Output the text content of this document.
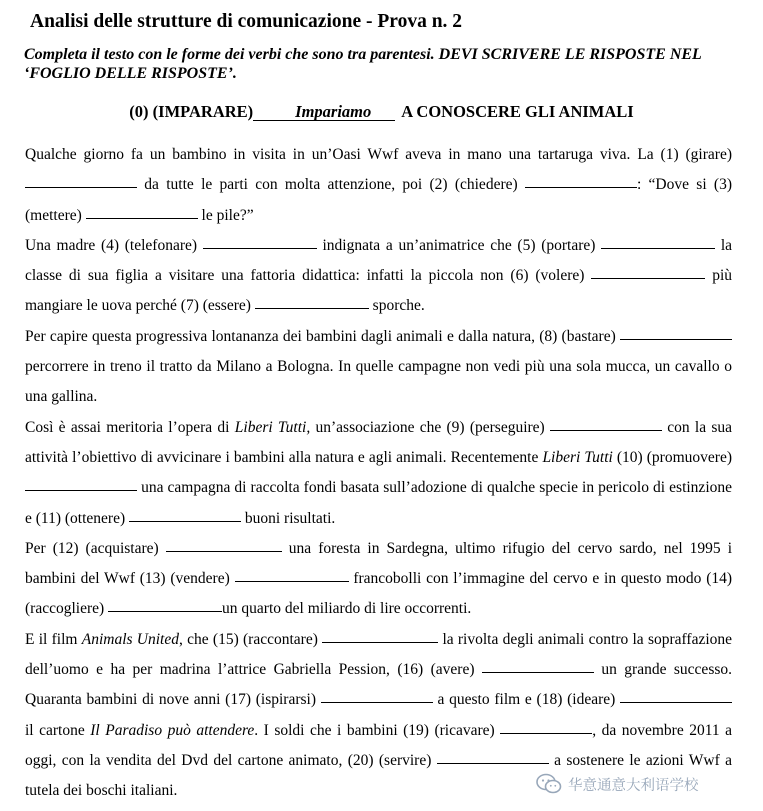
Analisi delle strutture di comunicazione - Prova n. 2
Completa il testo con le forme dei verbi che sono tra parentesi. DEVI SCRIVERE LE RISPOSTE NEL ‘FOGLIO DELLE RISPOSTE’.
(0) (IMPARARE)	Impariamo A CONOSCERE GLI ANIMALI

Qualche giorno fa un bambino in visita in un’Oasi Wwf aveva in mano una tartaruga viva. La (1) (girare)  da tutte le parti con molta attenzione, poi (2) (chiedere)	: “Dove si (3) (mettere)	le pile?”

Una madre (4) (telefonare)	indignata a un’animatrice che (5) (portare)	la classe di sua figlia a visitare una fattoria didattica: infatti la piccola non (6) (volere)	più mangiare le uova perché (7) (essere)	sporche.

Per capire questa progressiva lontananza dei bambini dagli animali e dalla natura, (8) (bastare)  percorrere in treno il tratto da Milano a Bologna. In quelle campagne non vedi più una sola mucca, un cavallo o una gallina.

Così è assai meritoria l’opera di Liberi Tutti, un’associazione che (9) (perseguire)	con la sua attività l’obiettivo di avvicinare i bambini alla natura e agli animali. Recentemente Liberi Tutti (10) (promuovere)  una campagna di raccolta fondi basata sull’adozione di qualche specie in pericolo di estinzione e (11) (ottenere)	buoni risultati.

Per (12) (acquistare)	una foresta in Sardegna, ultimo rifugio del cervo sardo, nel 1995 i bambini del Wwf (13) (vendere)	francobolli con l’immagine del cervo e in questo modo (14) (raccogliere)	un quarto del miliardo di lire occorrenti.

E il film Animals United, che (15) (raccontare)	la rivolta degli animali contro la sopraffazione dell’uomo e ha per madrina l’attrice Gabriella Pession, (16) (avere)	un grande successo. Quaranta bambini di nove anni (17) (ispirarsi)	a questo film e (18) (ideare)  il cartone Il Paradiso può attendere. I soldi che i bambini (19) (ricavare)	, da novembre 2011 a oggi, con la vendita del Dvd del cartone animato, (20) (servire)	a sostenere le azioni Wwf a tutela dei boschi italiani.	华意通意大利语学校
